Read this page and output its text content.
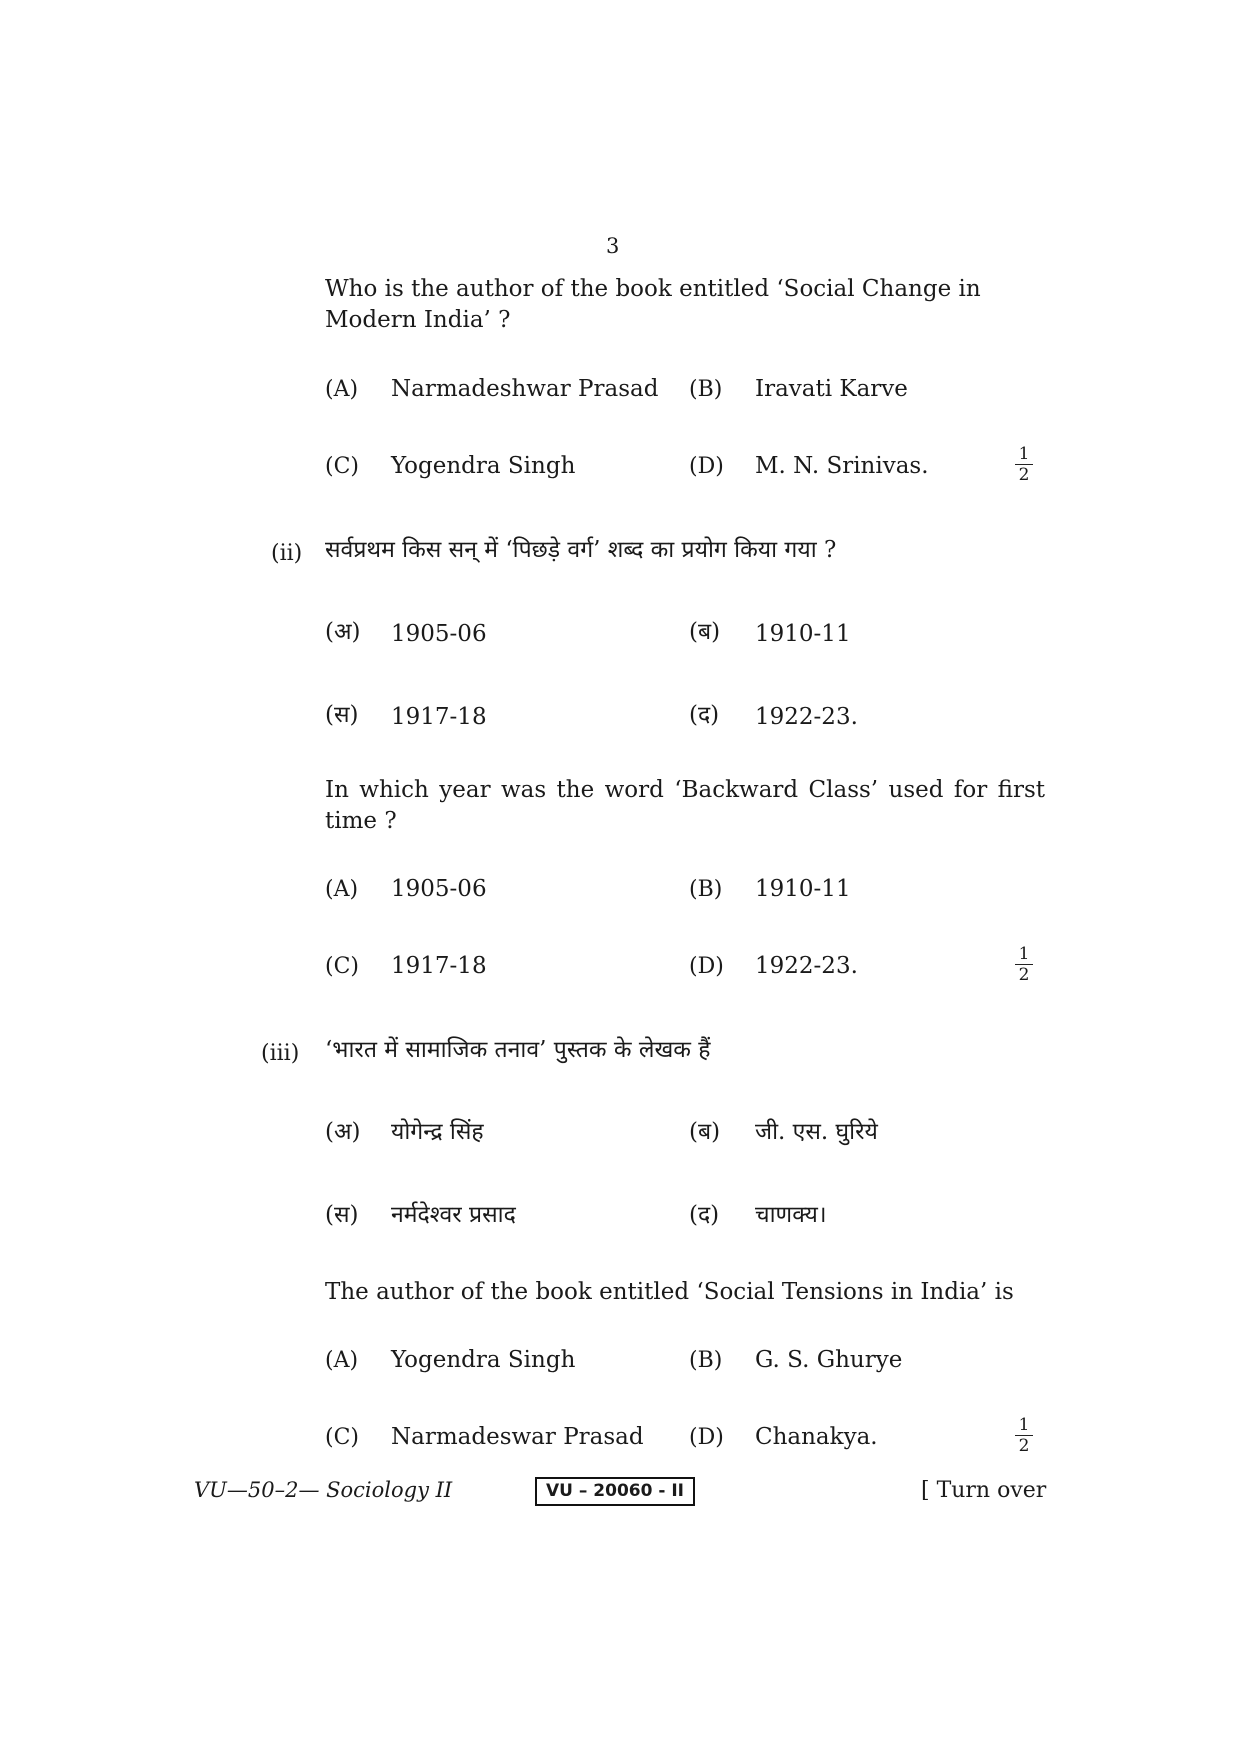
3
Who is the author of the book entitled ‘Social Change in Modern India’ ?
(A) Narmadeshwar Prasad (B) Iravati Karve
(C) Yogendra Singh	(D) M. N. Srinivas.	$\frac{1}{2}$
(ii) सर्वप्रथम किस सन् में ‘पिछड़े वर्ग’ शब्द का प्रयोग किया गया ?
(अ) 1905-06	(ब) 1910-11
(स) 1917-18	(द) 1922-23.
In which year was the word ‘Backward Class’ used for first time ?
(A) 1905-06	(B) 1910-11
(C) 1917-18	(D) 1922-23.	$\frac{1}{2}$
(iii) ‘भारत में सामाजिक तनाव’ पुस्तक के लेखक हैं
(अ) योगेन्द्र सिंह	(ब) जी. एस. घुरिये
(स) नर्मदेश्वर प्रसाद	(द) चाणक्य।
The author of the book entitled ‘Social Tensions in India’ is
(A) Yogendra Singh	(B) G. S. Ghurye
(C) Narmadeswar Prasad (D) Chanakya.	$\frac{1}{2}$
VU—50–2— Sociology II	VU – 20060 - II	[ Turn over
